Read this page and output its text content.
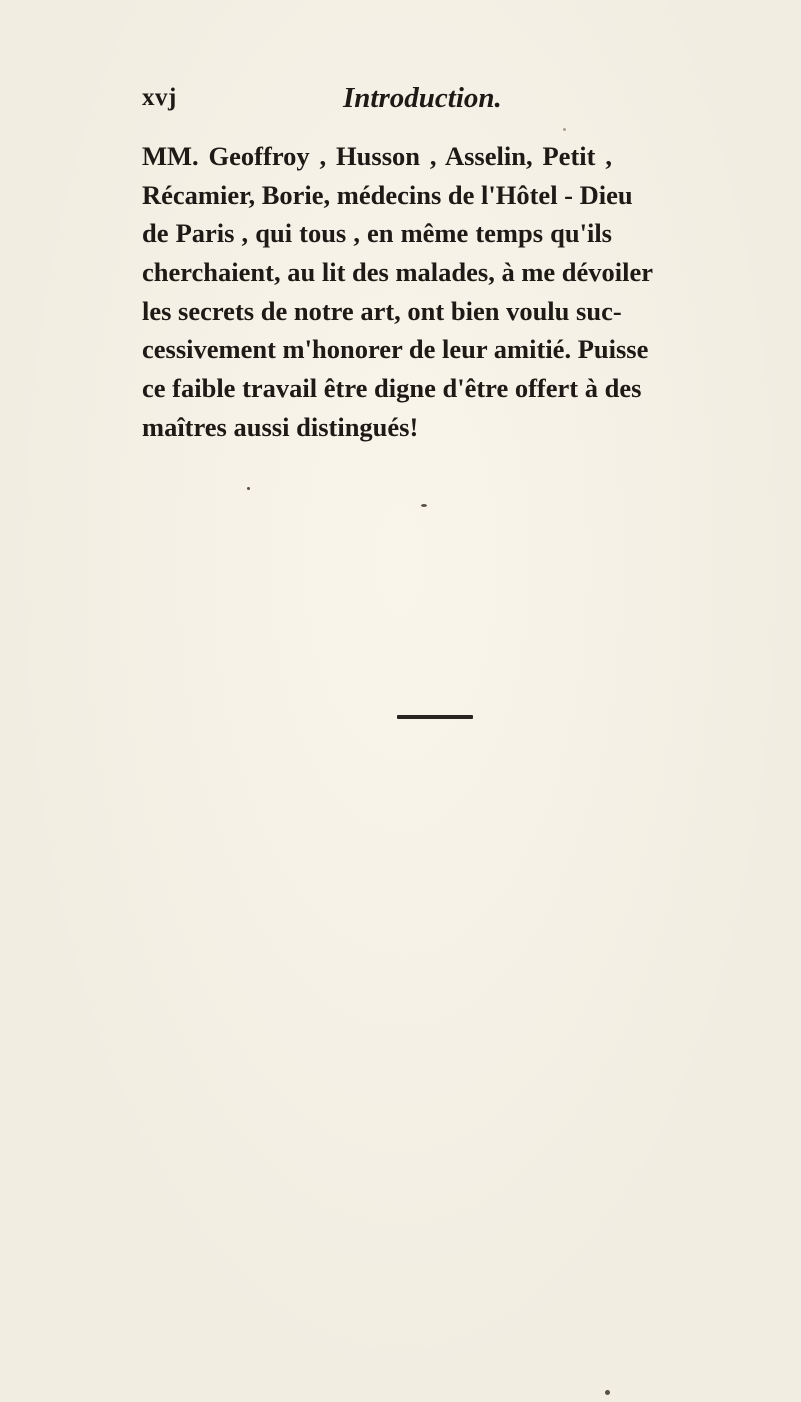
xvj	Introduction.
MM. Geoffroy , Husson , Asselin, Petit ,
Récamier, Borie, médecins de l'Hôtel - Dieu
de Paris , qui tous , en même temps qu'ils
cherchaient, au lit des malades, à me dévoiler
les secrets de notre art, ont bien voulu suc-
cessivement m'honorer de leur amitié. Puisse
ce faible travail être digne d'être offert à des
maîtres aussi distingués!
